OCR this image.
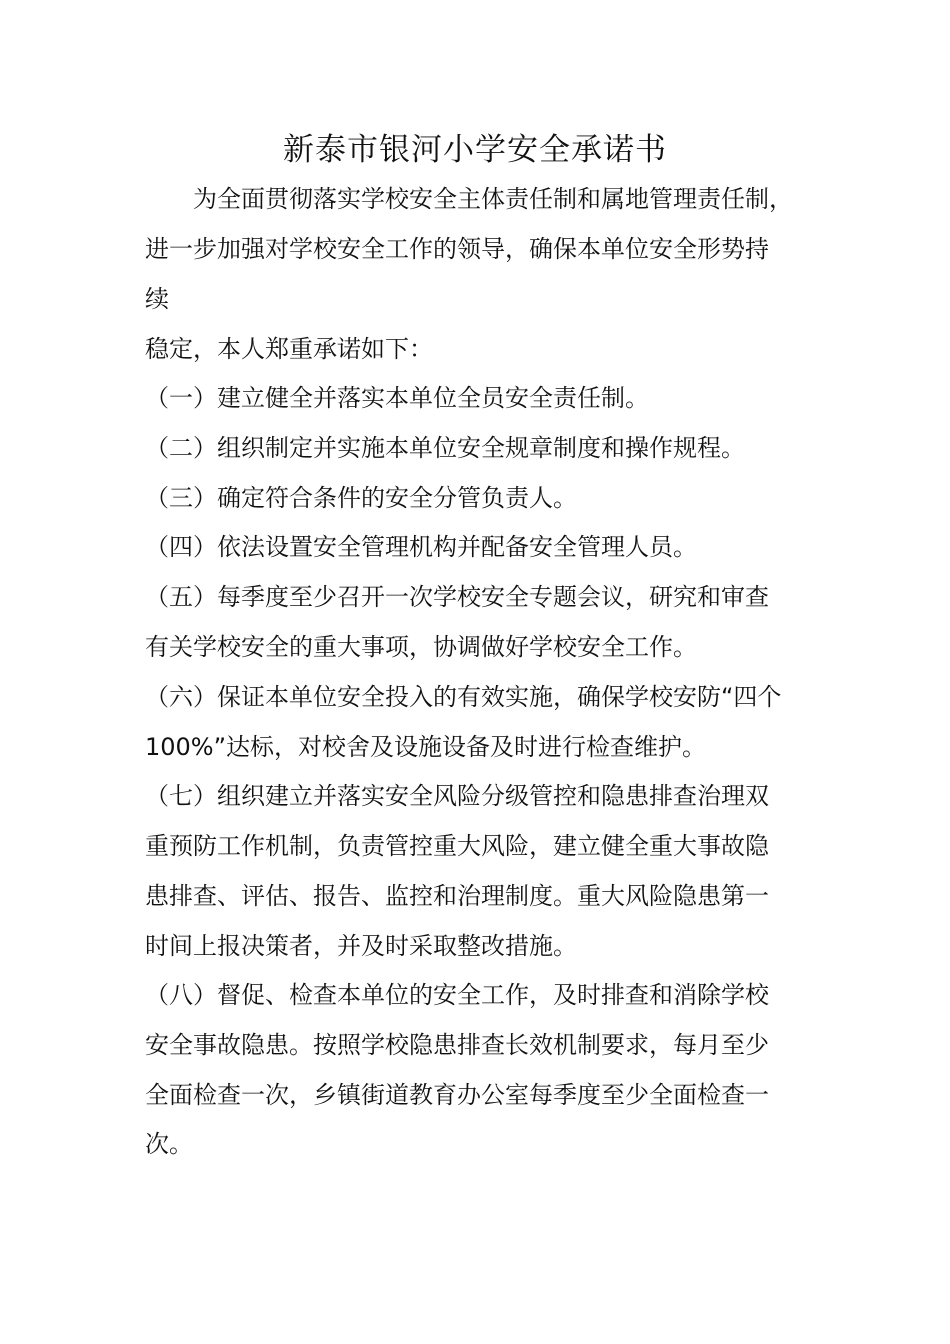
新泰市银河小学安全承诺书

为全面贯彻落实学校安全主体责任制和属地管理责任制，

进一步加强对学校安全工作的领导，确保本单位安全形势持

续

稳定，本人郑重承诺如下：

（一）建立健全并落实本单位全员安全责任制。

（二）组织制定并实施本单位安全规章制度和操作规程。

（三）确定符合条件的安全分管负责人。

（四）依法设置安全管理机构并配备安全管理人员。

（五）每季度至少召开一次学校安全专题会议，研究和审查

有关学校安全的重大事项，协调做好学校安全工作。

（六）保证本单位安全投入的有效实施，确保学校安防“四个

100%”达标，对校舍及设施设备及时进行检查维护。

（七）组织建立并落实安全风险分级管控和隐患排查治理双

重预防工作机制，负责管控重大风险，建立健全重大事故隐

患排查、评估、报告、监控和治理制度。重大风险隐患第一

时间上报决策者，并及时采取整改措施。

（八）督促、检查本单位的安全工作，及时排查和消除学校

安全事故隐患。按照学校隐患排查长效机制要求，每月至少

全面检查一次，乡镇街道教育办公室每季度至少全面检查一

次。
